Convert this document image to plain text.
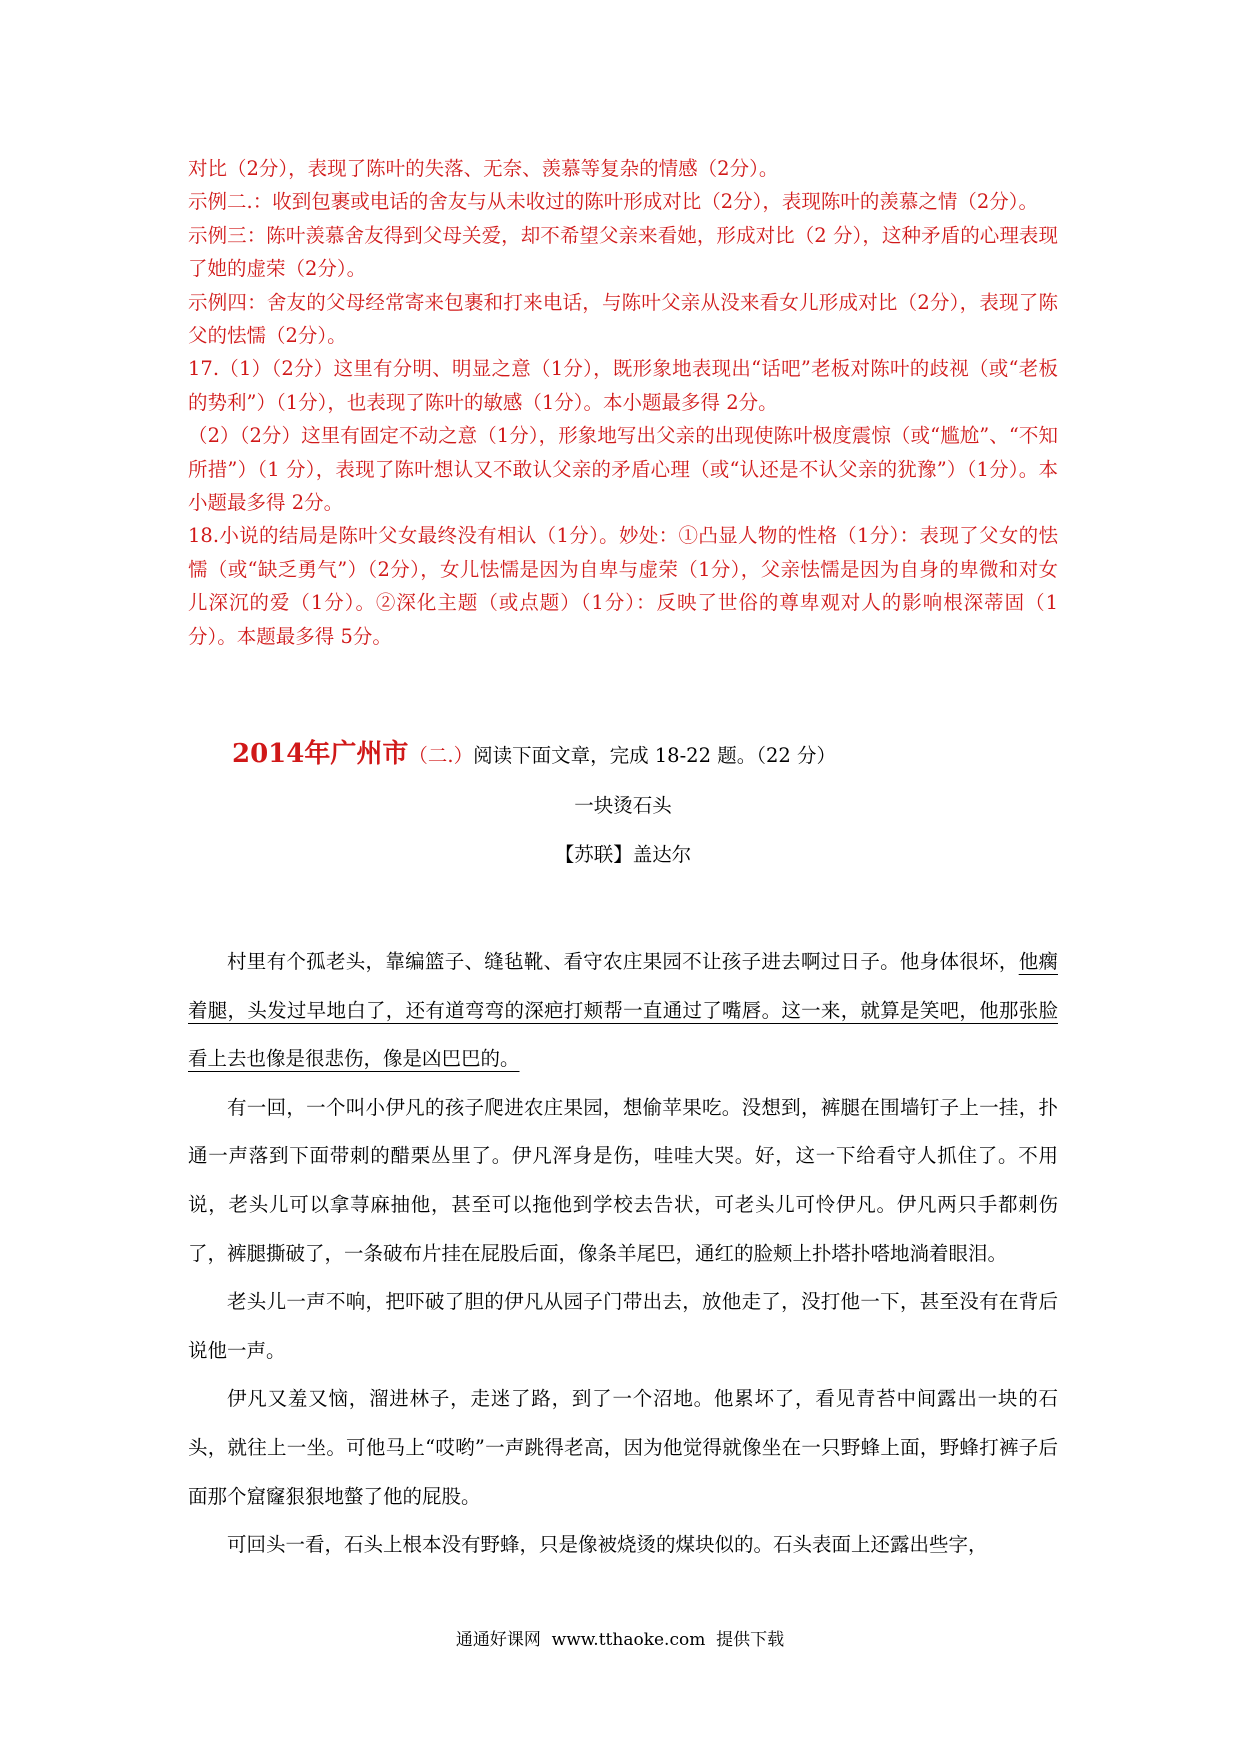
对比（2分），表现了陈叶的失落、无奈、羡慕等复杂的情感（2分）。

示例二.：收到包裹或电话的舍友与从未收过的陈叶形成对比（2分），表现陈叶的羡慕之情（2分）。

示例三：陈叶羡慕舍友得到父母关爱，却不希望父亲来看她，形成对比（2 分），这种矛盾的心理表现了她的虚荣（2分）。

示例四：舍友的父母经常寄来包裹和打来电话，与陈叶父亲从没来看女儿形成对比（2分），表现了陈父的怯懦（2分）。

17.（1）（2分）这里有分明、明显之意（1分），既形象地表现出“话吧”老板对陈叶的歧视（或“老板的势利”）（1分），也表现了陈叶的敏感（1分）。本小题最多得 2分。

（2）（2分）这里有固定不动之意（1分），形象地写出父亲的出现使陈叶极度震惊（或“尴尬”、“不知所措”）（1 分），表现了陈叶想认又不敢认父亲的矛盾心理（或“认还是不认父亲的犹豫”）（1分）。本小题最多得 2分。

18.小说的结局是陈叶父女最终没有相认（1分）。妙处：①凸显人物的性格（1分）：表现了父女的怯懦（或“缺乏勇气”）（2分），女儿怯懦是因为自卑与虚荣（1分），父亲怯懦是因为自身的卑微和对女儿深沉的爱（1分）。②深化主题（或点题）（1分）：反映了世俗的尊卑观对人的影响根深蒂固（1分）。本题最多得 5分。

2014年广州市（二.）阅读下面文章，完成 18-22 题。（22 分）
一块烫石头
【苏联】盖达尔

村里有个孤老头，靠编篮子、缝毡靴、看守农庄果园不让孩子进去啊过日子。他身体很坏，他瘸着腿，头发过早地白了，还有道弯弯的深疤打颊帮一直通过了嘴唇。这一来，就算是笑吧，他那张脸看上去也像是很悲伤，像是凶巴巴的。

有一回，一个叫小伊凡的孩子爬进农庄果园，想偷苹果吃。没想到，裤腿在围墙钉子上一挂，扑通一声落到下面带刺的醋栗丛里了。伊凡浑身是伤，哇哇大哭。好，这一下给看守人抓住了。不用说，老头儿可以拿荨麻抽他，甚至可以拖他到学校去告状，可老头儿可怜伊凡。伊凡两只手都刺伤了，裤腿撕破了，一条破布片挂在屁股后面，像条羊尾巴，通红的脸颊上扑塔扑嗒地淌着眼泪。

老头儿一声不响，把吓破了胆的伊凡从园子门带出去，放他走了，没打他一下，甚至没有在背后说他一声。

伊凡又羞又恼，溜进林子，走迷了路，到了一个沼地。他累坏了，看见青苔中间露出一块的石头，就往上一坐。可他马上“哎哟”一声跳得老高，因为他觉得就像坐在一只野蜂上面，野蜂打裤子后面那个窟窿狠狠地螫了他的屁股。

可回头一看，石头上根本没有野蜂，只是像被烧烫的煤块似的。石头表面上还露出些字，

通通好课网  www.tthaoke.com  提供下载
